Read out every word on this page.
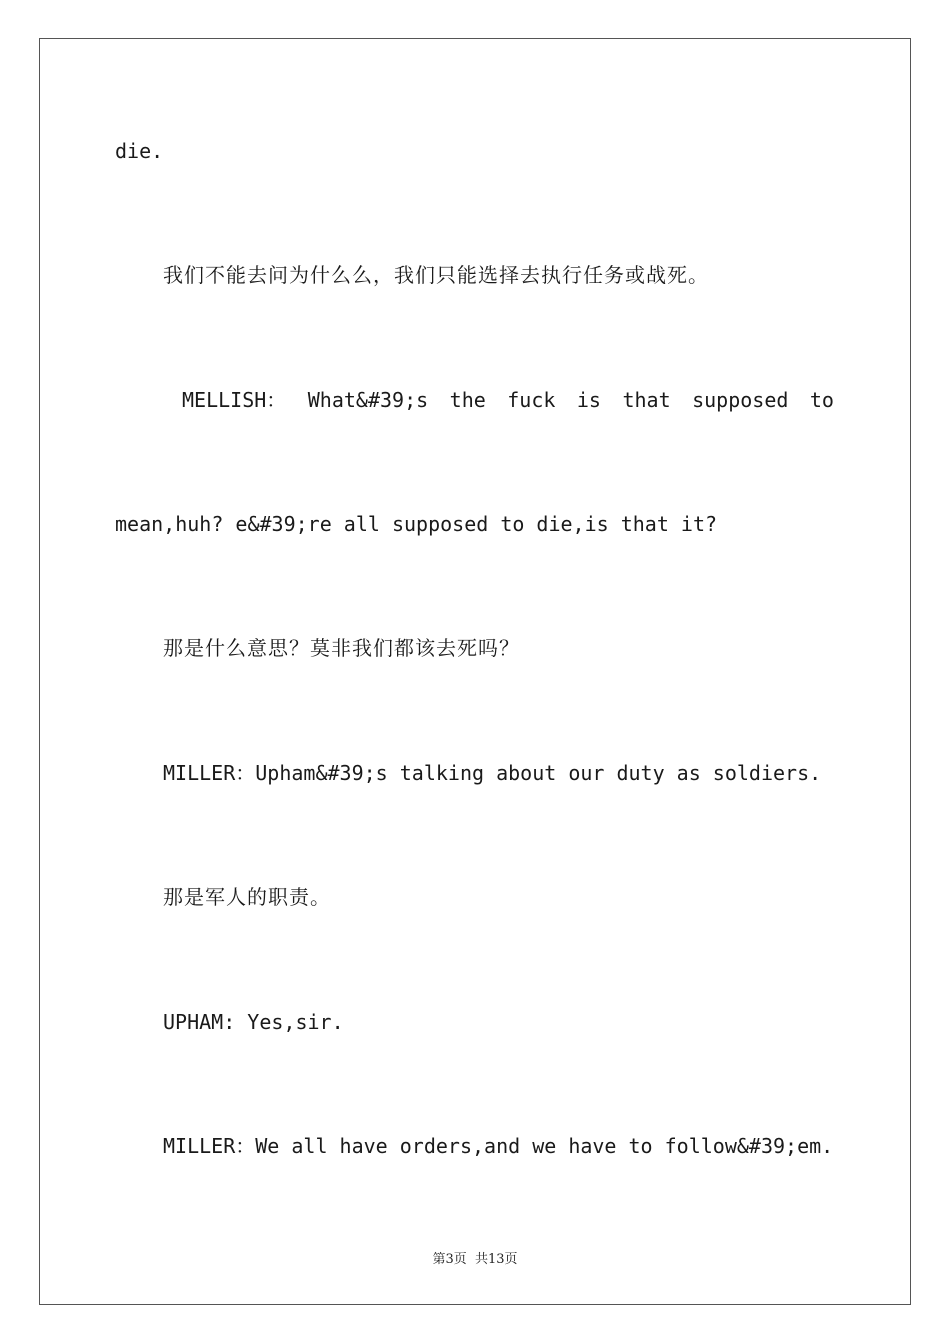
die.
我们不能去问为什么么，我们只能选择去执行任务或战死。
MELLISH： What&#39;s the fuck is that supposed to
mean,huh? e&#39;re all supposed to die,is that it?
那是什么意思？莫非我们都该去死吗？
MILLER：Upham&#39;s talking about our duty as soldiers.
那是军人的职责。
UPHAM: Yes,sir.
MILLER：We all have orders,and we have to follow&#39;em.
第3页 共13页
